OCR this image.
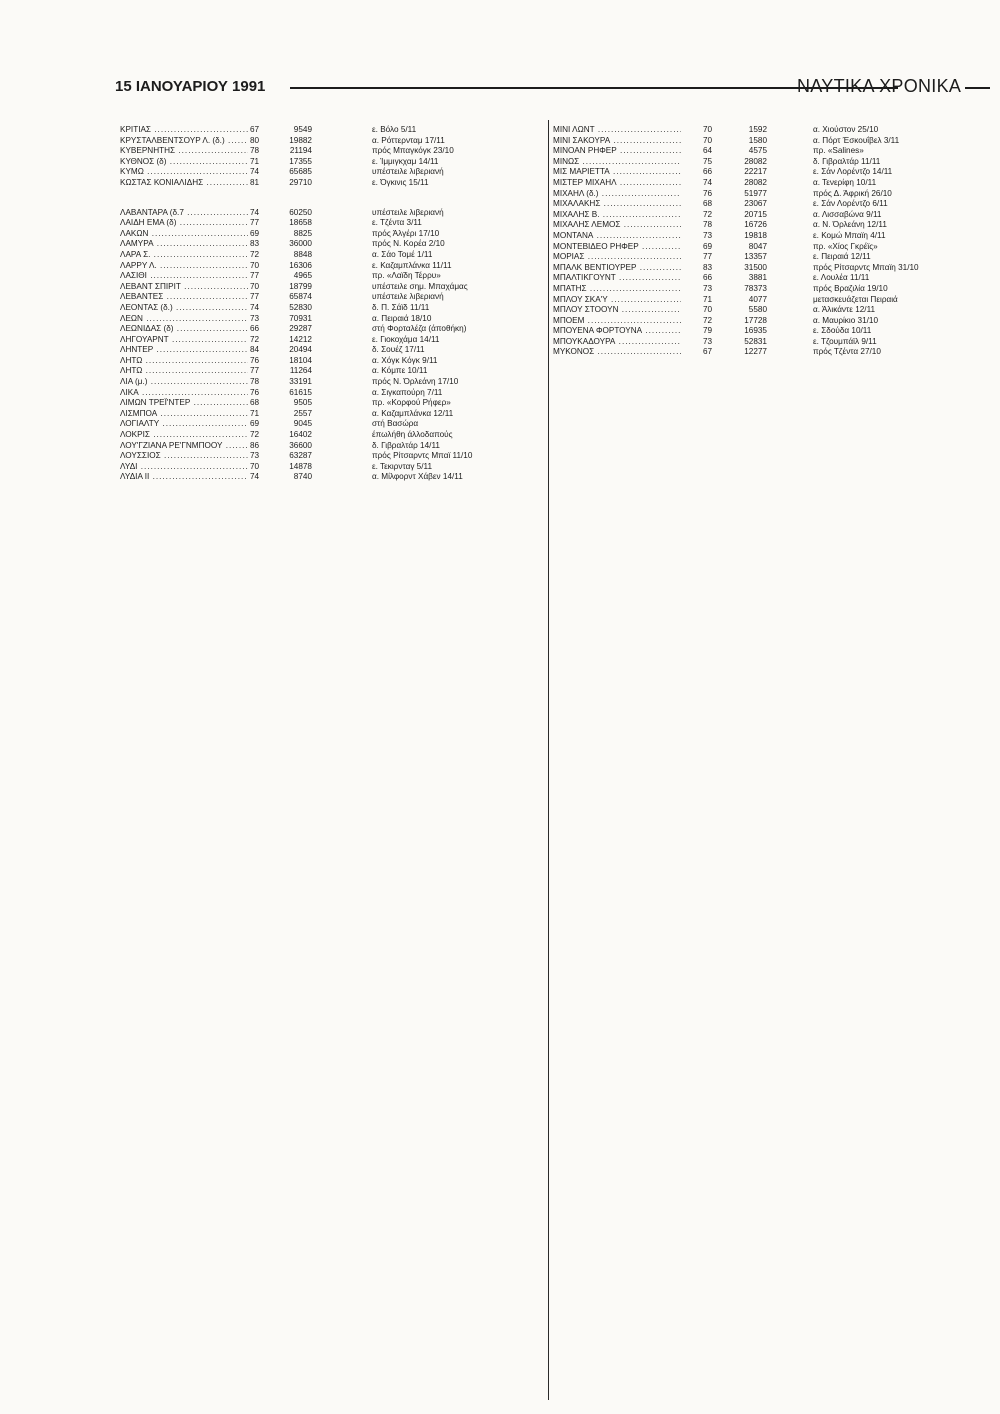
15 ΙΑΝΟΥΑΡΙΟΥ 1991	ΝΑΥΤΙΚΑ ΧΡΟΝΙΚΑ
ΚΡΙΤΙΑΣ .....	67	9549	ε. Βόλο 5/11
ΚΡΥΣΤΑΛΒΕΝΤΣΟΥΡ Λ. (δ.) .....	80	19882	α. Ρόττερνταμ 17/11
ΚΥΒΕΡΝΗΤΗΣ .....	78	21194	πρός Μπαγκόγκ 23/10
ΚΥΘΝΟΣ (δ) .....	71	17355	ε. Ίμμιγκχαμ 14/11
ΚΥΜΩ .....	74	65685	υπέστειλε λιβεριανή
ΚΩΣΤΑΣ ΚΟΝΙΑΛΙΔΗΣ .....	81	29710	ε. Όγκινις 15/11
ΛΑΒΑΝΤΑΡΑ (δ.7 .....	74	60250	υπέστειλε λιβεριανή
ΛΑΙΔΗ ΕΜΑ (δ) .....	77	18658	ε. Τζέντα 3/11
ΛΑΚΩΝ .....	69	8825	πρός Άλγέρι 17/10
ΛΑΜΥΡΑ .....	83	36000	πρός Ν. Κορέα 2/10
ΛΑΡΑ Σ. .....	72	8848	α. Σάο Τομέ 1/11
ΛΑΡΡΥ Λ. .....	70	16306	ε. Καζαμπλάνκα 11/11
ΛΑΣΙΘΙ .....	77	4965	πρ. «Λαϊδη Τέρρυ»
ΛΕΒΑΝΤ ΣΠΙΡΙΤ .....	70	18799	υπέστειλε σημ. Μπαχάμας
ΛΕΒΑΝΤΕΣ .....	77	65874	υπέστειλε λιβεριανή
ΛΕΟΝΤΑΣ (δ.) .....	74	52830	δ. Π. Σάϊδ 11/11
ΛΕΩΝ .....	73	70931	α. Πειραιά 18/10
ΛΕΩΝΙΔΑΣ (δ) .....	66	29287	στή Φορταλέζα (άποθήκη)
ΛΗΓΟΥΑΡΝΤ .....	72	14212	ε. Γιοκοχάμα 14/11
ΛΗΝΤΕΡ .....	84	20494	δ. Σουέζ 17/11
ΛΗΤΩ .....	76	18104	α. Χόγκ Κόγκ 9/11
ΛΗΤΩ .....	77	11264	α. Κόμπε 10/11
ΛΙΑ (μ.) .....	78	33191	πρός Ν. Όρλεάνη 17/10
ΛΙΚΑ .....	76	61615	α. Σιγκαπούρη 7/11
ΛΙΜΩΝ ΤΡΕΪ'ΝΤΕΡ .....	68	9505	πρ. «Κορφού Ρήφερ»
ΛΙΣΜΠΟΑ .....	71	2557	α. Καζαμπλάνκα 12/11
ΛΟΓΙΑΛΤΥ .....	69	9045	στή Βασώρα
ΛΟΚΡΙΣ .....	72	16402	έπωλήθη άλλοδαπούς
ΛΟΥ'ΓΖΙΑΝΑ ΡΕ'ΓΝΜΠΟΟΥ .....	86	36600	δ. Γιβραλτάρ 14/11
ΛΟΥΣΣΙΟΣ .....	73	63287	πρός Ρίτσαρντς Μπαϊ 11/10
ΛΥΔΙ .....	70	14878	ε. Τεκιρνταγ 5/11
ΛΥΔΙΑ ΙΙ .....	74	8740	α. Μίλφορντ Χάβεν 14/11
ΜΙΝΙ ΛΩΝΤ .....	70	1592	α. Χιούστον 25/10
ΜΙΝΙ ΣΑΚΟΥΡΑ .....	70	1580	α. Πόρτ Έσκουΐβελ 3/11
ΜΙΝΟΑΝ ΡΗΦΕΡ .....	64	4575	πρ. «Salines»
ΜΙΝΩΣ .....	75	28082	δ. Γιβραλτάρ 11/11
ΜΙΣ ΜΑΡΙΕΤΤΑ .....	66	22217	ε. Σάν Λορέντζο 14/11
ΜΙΣΤΕΡ ΜΙΧΑΗΛ .....	74	28082	α. Τενερίφη 10/11
ΜΙΧΑΗΛ (δ.) .....	76	51977	πρός Δ. Άφρική 26/10
ΜΙΧΑΛΑΚΗΣ .....	68	23067	ε. Σάν Λορέντζο 6/11
ΜΙΧΑΛΗΣ Β. .....	72	20715	α. Λισσαβώνα 9/11
ΜΙΧΑΛΗΣ ΛΕΜΟΣ .....	78	16726	α. Ν. Όρλεάνη 12/11
ΜΟΝΤΑΝΑ .....	73	19818	ε. Κομώ Μπαϊη 4/11
ΜΟΝΤΕΒΙΔΕΟ ΡΗΦΕΡ .....	69	8047	πρ. «Χίος Γκρέϊς»
ΜΟΡΙΑΣ .....	77	13357	ε. Πειραιά 12/11
ΜΠΑΛΚ ΒΕΝΤΙΟΥΡΕΡ .....	83	31500	πρός Ρίτσαρντς Μπαϊη 31/10
ΜΠΑΛΤΙΚΓΟΥΝΤ .....	66	3881	ε. Λουλέα 11/11
ΜΠΑΤΗΣ .....	73	78373	πρός Βραζιλία 19/10
ΜΠΛΟΥ ΣΚΑ'Υ .....	71	4077	μετασκευάζεται Πειραιά
ΜΠΛΟΥ ΣΤΟΟΥΝ .....	70	5580	α. Άλικάντε 12/11
ΜΠΟΕΜ .....	72	17728	α. Μαυρίκιο 31/10
ΜΠΟΥΕΝΑ ΦΟΡΤΟΥΝΑ .....	79	16935	ε. Σδούδα 10/11
ΜΠΟΥΚΑΔΟΥΡΑ .....	73	52831	ε. Τζουμπάϊλ 9/11
ΜΥΚΟΝΟΣ .....	67	12277	πρός Τζέντα 27/10
